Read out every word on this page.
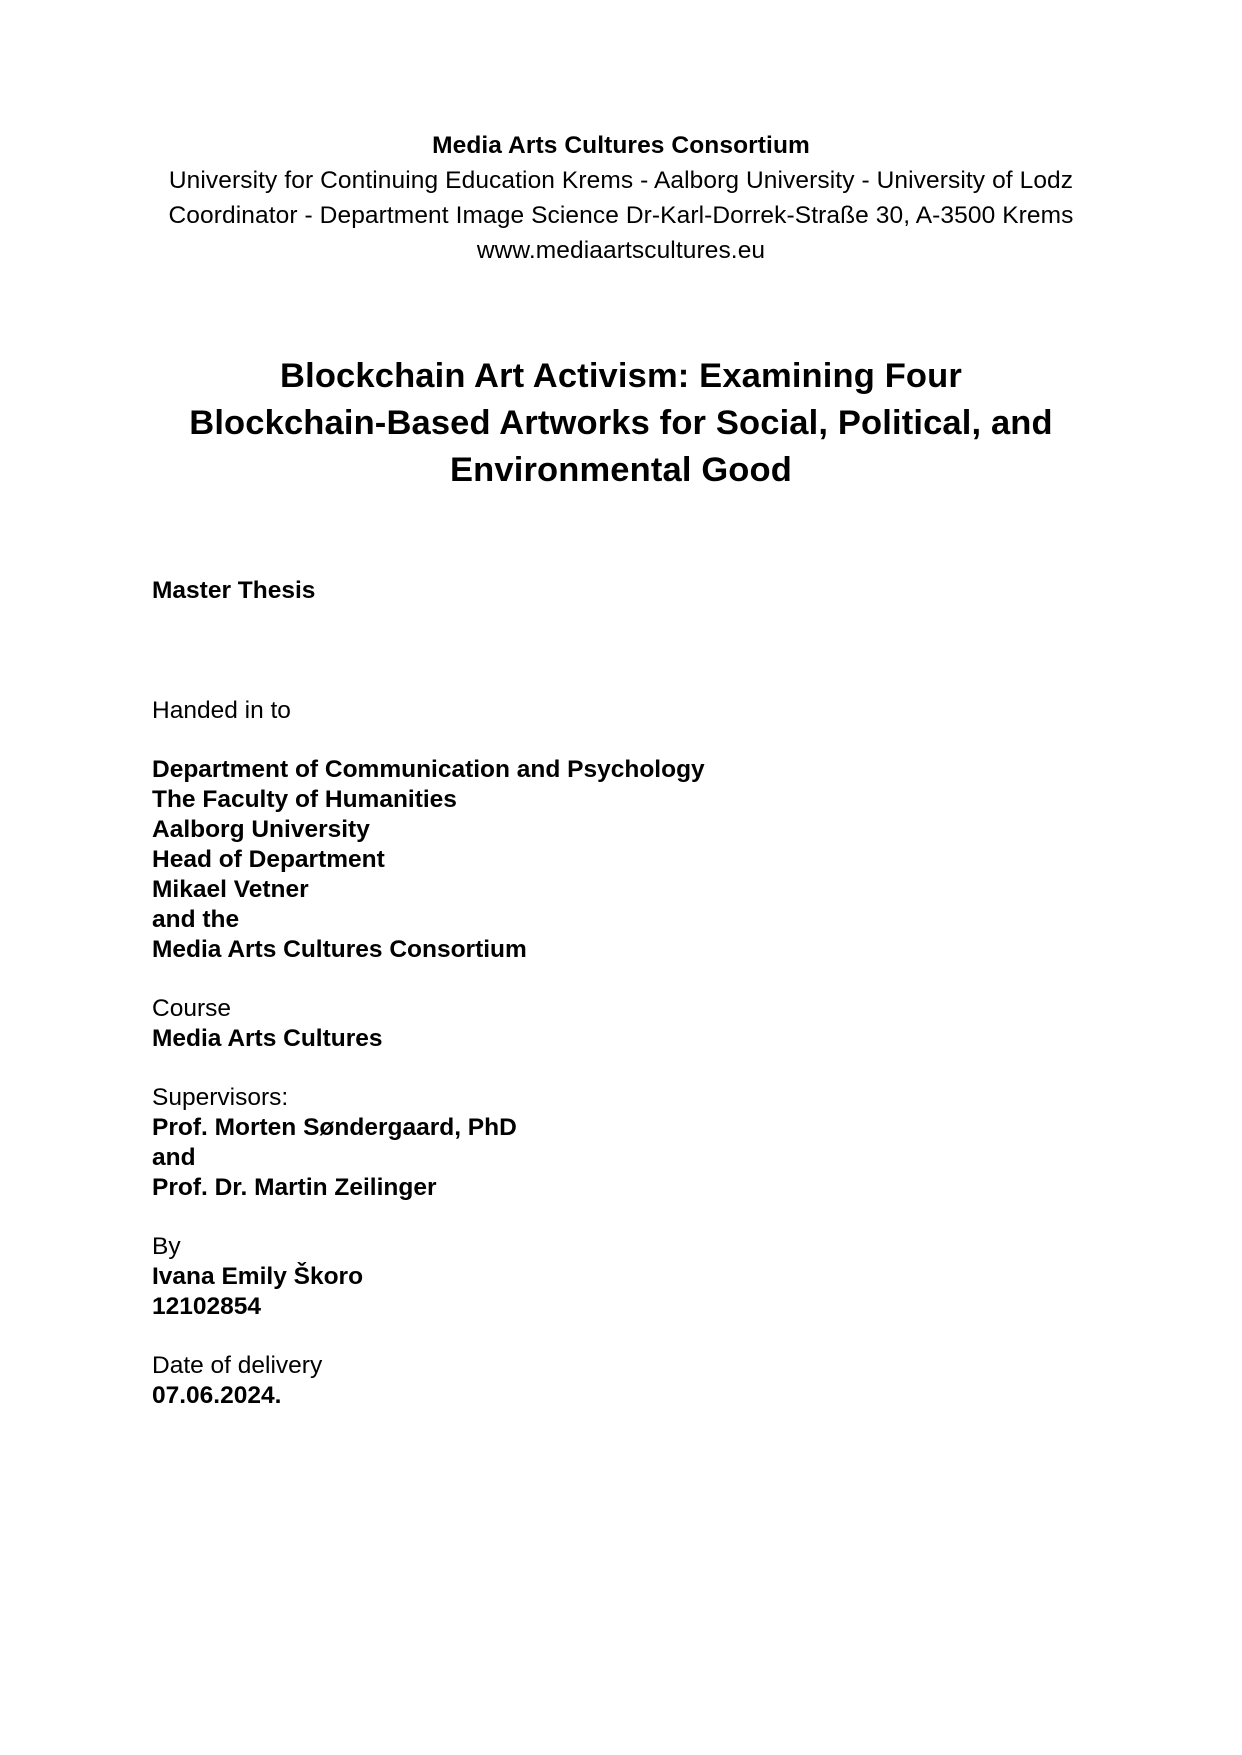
Media Arts Cultures Consortium
University for Continuing Education Krems - Aalborg University - University of Lodz
Coordinator - Department Image Science Dr-Karl-Dorrek-Straße 30, A-3500 Krems
www.mediaartscultures.eu
Blockchain Art Activism: Examining Four
Blockchain-Based Artworks for Social, Political, and
Environmental Good
Master Thesis
Handed in to
Department of Communication and Psychology
The Faculty of Humanities
Aalborg University
Head of Department
Mikael Vetner
and the
Media Arts Cultures Consortium
Course
Media Arts Cultures
Supervisors:
Prof. Morten Søndergaard, PhD
and
Prof. Dr. Martin Zeilinger
By
Ivana Emily Škoro
12102854
Date of delivery
07.06.2024.
